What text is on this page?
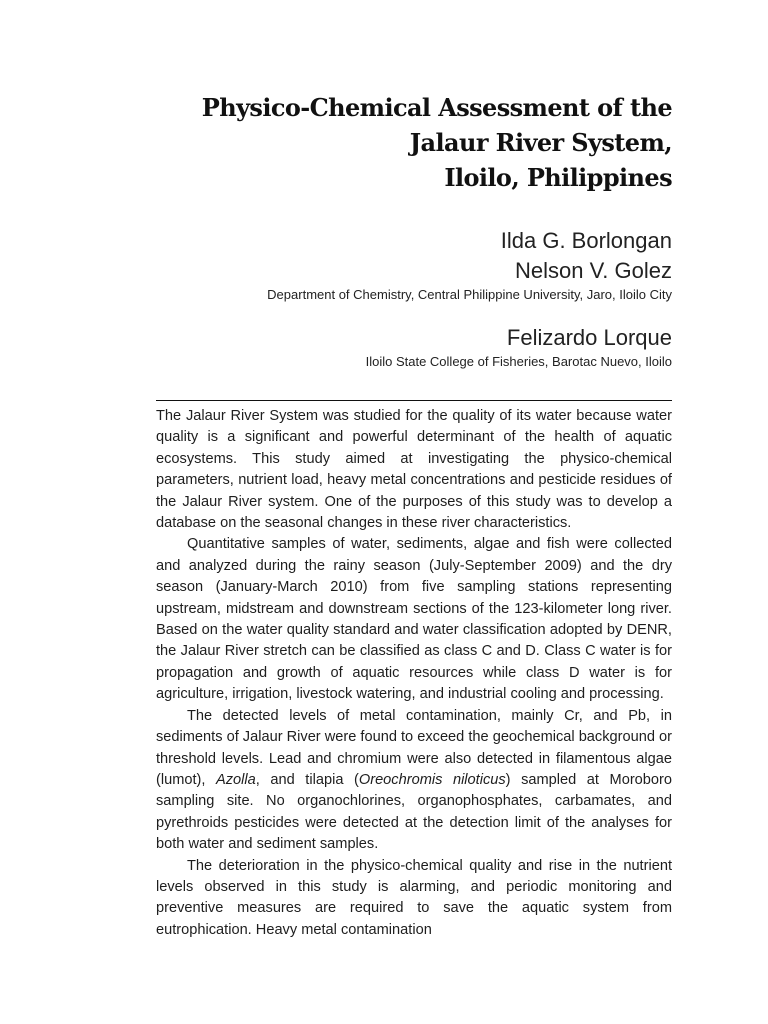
Physico-Chemical Assessment of the
Jalaur River System,
Iloilo, Philippines
Ilda G. Borlongan
Nelson V. Golez
Department of Chemistry, Central Philippine University, Jaro, Iloilo City
Felizardo Lorque
Iloilo State College of Fisheries, Barotac Nuevo, Iloilo

The Jalaur River System was studied for the quality of its water because water quality is a significant and powerful determinant of the health of aquatic ecosystems. This study aimed at investigating the physico-chemical parameters, nutrient load, heavy metal concentrations and pesticide residues of the Jalaur River system. One of the purposes of this study was to develop a database on the seasonal changes in these river characteristics.

Quantitative samples of water, sediments, algae and fish were collected and analyzed during the rainy season (July-September 2009) and the dry season (January-March 2010) from five sampling stations representing upstream, midstream and downstream sections of the 123-kilometer long river. Based on the water quality standard and water classification adopted by DENR, the Jalaur River stretch can be classified as class C and D. Class C water is for propagation and growth of aquatic resources while class D water is for agriculture, irrigation, livestock watering, and industrial cooling and processing.

The detected levels of metal contamination, mainly Cr, and Pb, in sediments of Jalaur River were found to exceed the geochemical background or threshold levels. Lead and chromium were also detected in filamentous algae (lumot), Azolla, and tilapia (Oreochromis niloticus) sampled at Moroboro sampling site. No organochlorines, organophosphates, carbamates, and pyrethroids pesticides were detected at the detection limit of the analyses for both water and sediment samples.

The deterioration in the physico-chemical quality and rise in the nutrient levels observed in this study is alarming, and periodic monitoring and preventive measures are required to save the aquatic system from eutrophication. Heavy metal contamination
